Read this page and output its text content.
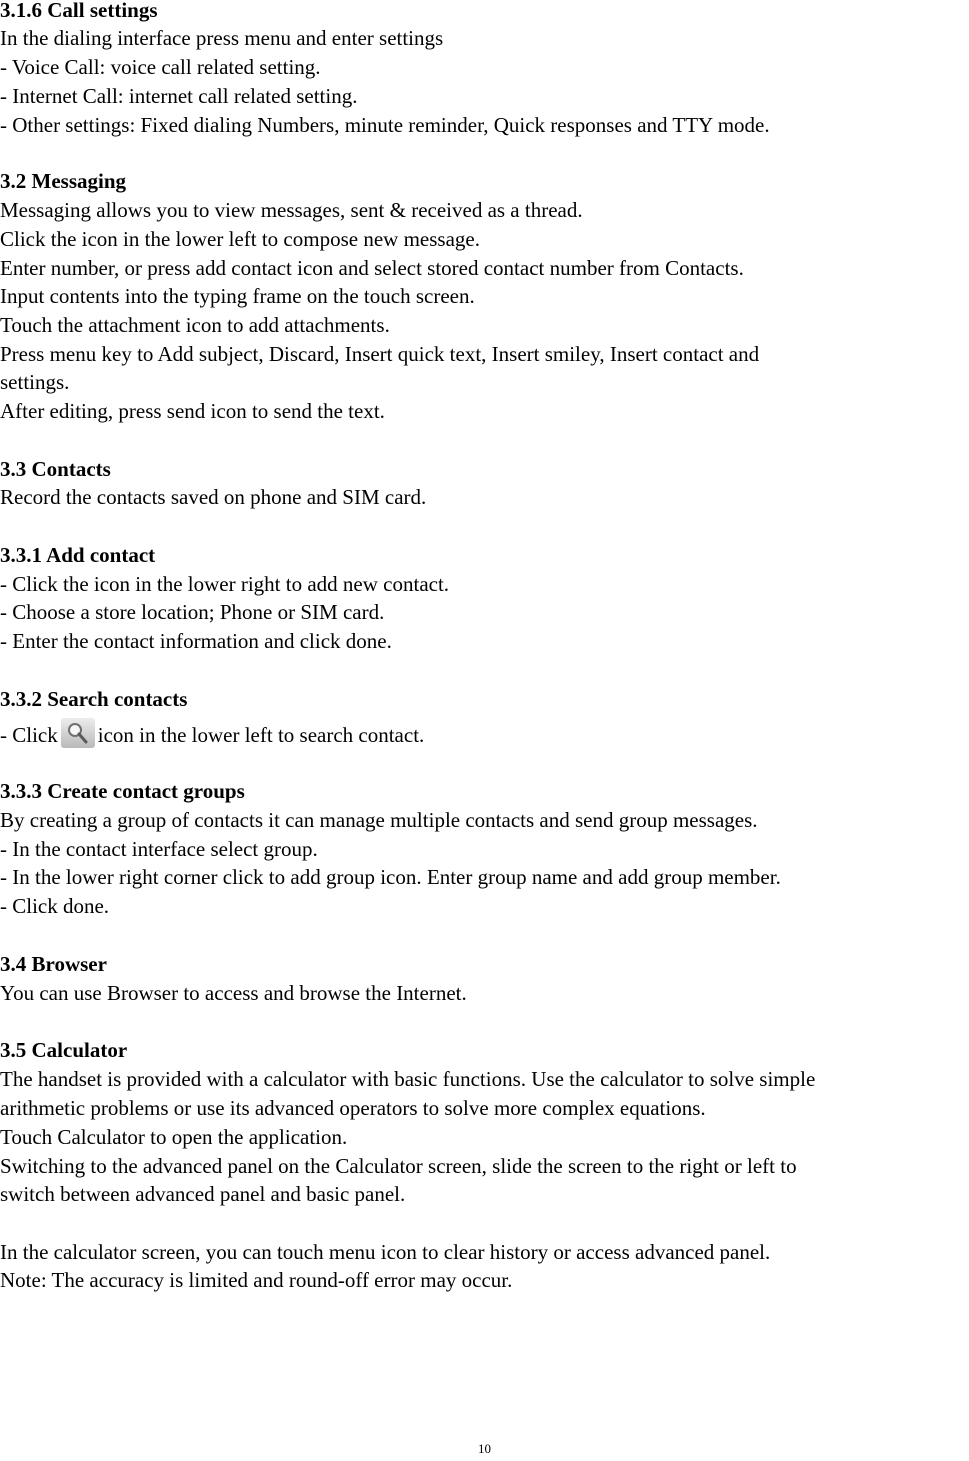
3.1.6 Call settings
In the dialing interface press menu and enter settings
- Voice Call: voice call related setting.
- Internet Call: internet call related setting.
- Other settings: Fixed dialing Numbers, minute reminder, Quick responses and TTY mode.
3.2 Messaging
Messaging allows you to view messages, sent & received as a thread.
Click the icon in the lower left to compose new message.
Enter number, or press add contact icon and select stored contact number from Contacts.
Input contents into the typing frame on the touch screen.
Touch the attachment icon to add attachments.
Press menu key to Add subject, Discard, Insert quick text, Insert smiley, Insert contact and
settings.
After editing, press send icon to send the text.
3.3 Contacts
Record the contacts saved on phone and SIM card.
3.3.1 Add contact
- Click the icon in the lower right to add new contact.
- Choose a store location; Phone or SIM card.
- Enter the contact information and click done.
3.3.2 Search contacts
- Click icon in the lower left to search contact.
3.3.3 Create contact groups
By creating a group of contacts it can manage multiple contacts and send group messages.
- In the contact interface select group.
- In the lower right corner click to add group icon. Enter group name and add group member.
- Click done.
3.4 Browser
You can use Browser to access and browse the Internet.
3.5 Calculator
The handset is provided with a calculator with basic functions. Use the calculator to solve simple
arithmetic problems or use its advanced operators to solve more complex equations.
Touch Calculator to open the application.
Switching to the advanced panel on the Calculator screen, slide the screen to the right or left to
switch between advanced panel and basic panel.
In the calculator screen, you can touch menu icon to clear history or access advanced panel.
Note: The accuracy is limited and round-off error may occur.
10
